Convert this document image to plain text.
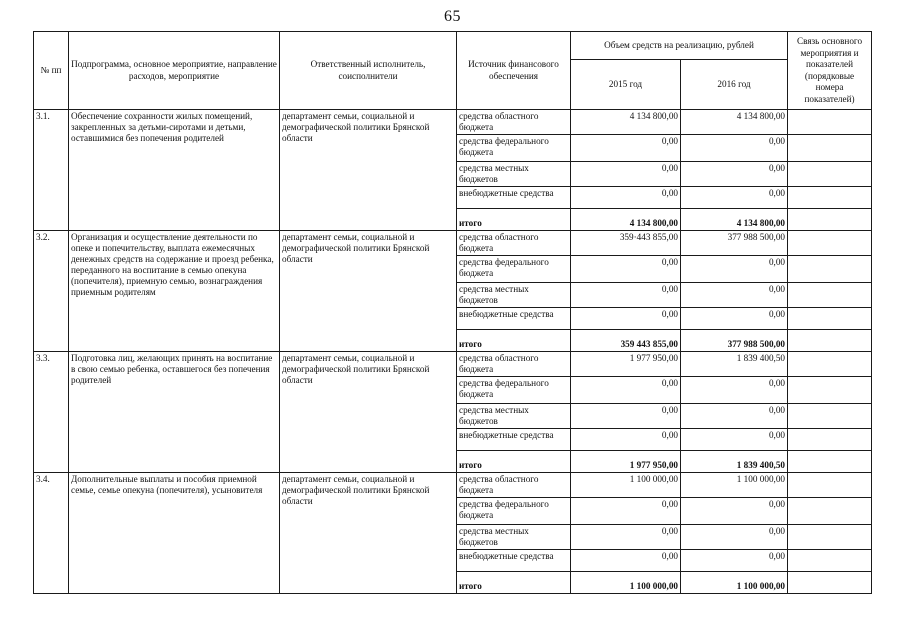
65
№ пп	Подпрограмма, основное мероприятие, направление расходов, мероприятие	Ответственный исполнитель, соисполнители	Источник финансового обеспечения	Объем средств на реализацию, рублей		Связь основного мероприятия и показателей (порядковые номера показателей)
				2015 год	2016 год	
3.1.	Обеспечение сохранности жилых помещений, закрепленных за детьми-сиротами и детьми, оставшимися без попечения родителей	департамент семьи, социальной и демографической политики Брянской области	средства областного бюджета	4 134 800,00	4 134 800,00	
			средства федерального бюджета	0,00	0,00	
			средства местных бюджетов	0,00	0,00	
			внебюджетные средства	0,00	0,00	
			итого	4 134 800,00	4 134 800,00	
3.2.	Организация и осуществление деятельности по опеке и попечительству, выплата ежемесячных денежных средств на содержание и проезд ребенка, переданного на воспитание в семью опекуна (попечителя), приемную семью, вознаграждения приемным родителям	департамент семьи, социальной и демографической политики Брянской области	средства областного бюджета	359·443 855,00	377 988 500,00	
			средства федерального бюджета	0,00	0,00	
			средства местных бюджетов	0,00	0,00	
			внебюджетные средства	0,00	0,00	
			итого	359 443 855,00	377 988 500,00	
3.3.	Подготовка лиц, желающих принять на воспитание в свою семью ребенка, оставшегося без попечения родителей	департамент семьи, социальной и демографической политики Брянской области	средства областного бюджета	1 977 950,00	1 839 400,50	
			средства федерального бюджета	0,00	0,00	
			средства местных бюджетов	0,00	0,00	
			внебюджетные средства	0,00	0,00	
			итого	1 977 950,00	1 839 400,50	
3.4.	Дополнительные выплаты и пособия приемной семье, семье опекуна (попечителя), усыновителя	департамент семьи, социальной и демографической политики Брянской области	средства областного бюджета	1 100 000,00	1 100 000,00	
			средства федерального бюджета	0,00	0,00	
			средства местных бюджетов	0,00	0,00	
			внебюджетные средства	0,00	0,00	
			итого	1 100 000,00	1 100 000,00	
